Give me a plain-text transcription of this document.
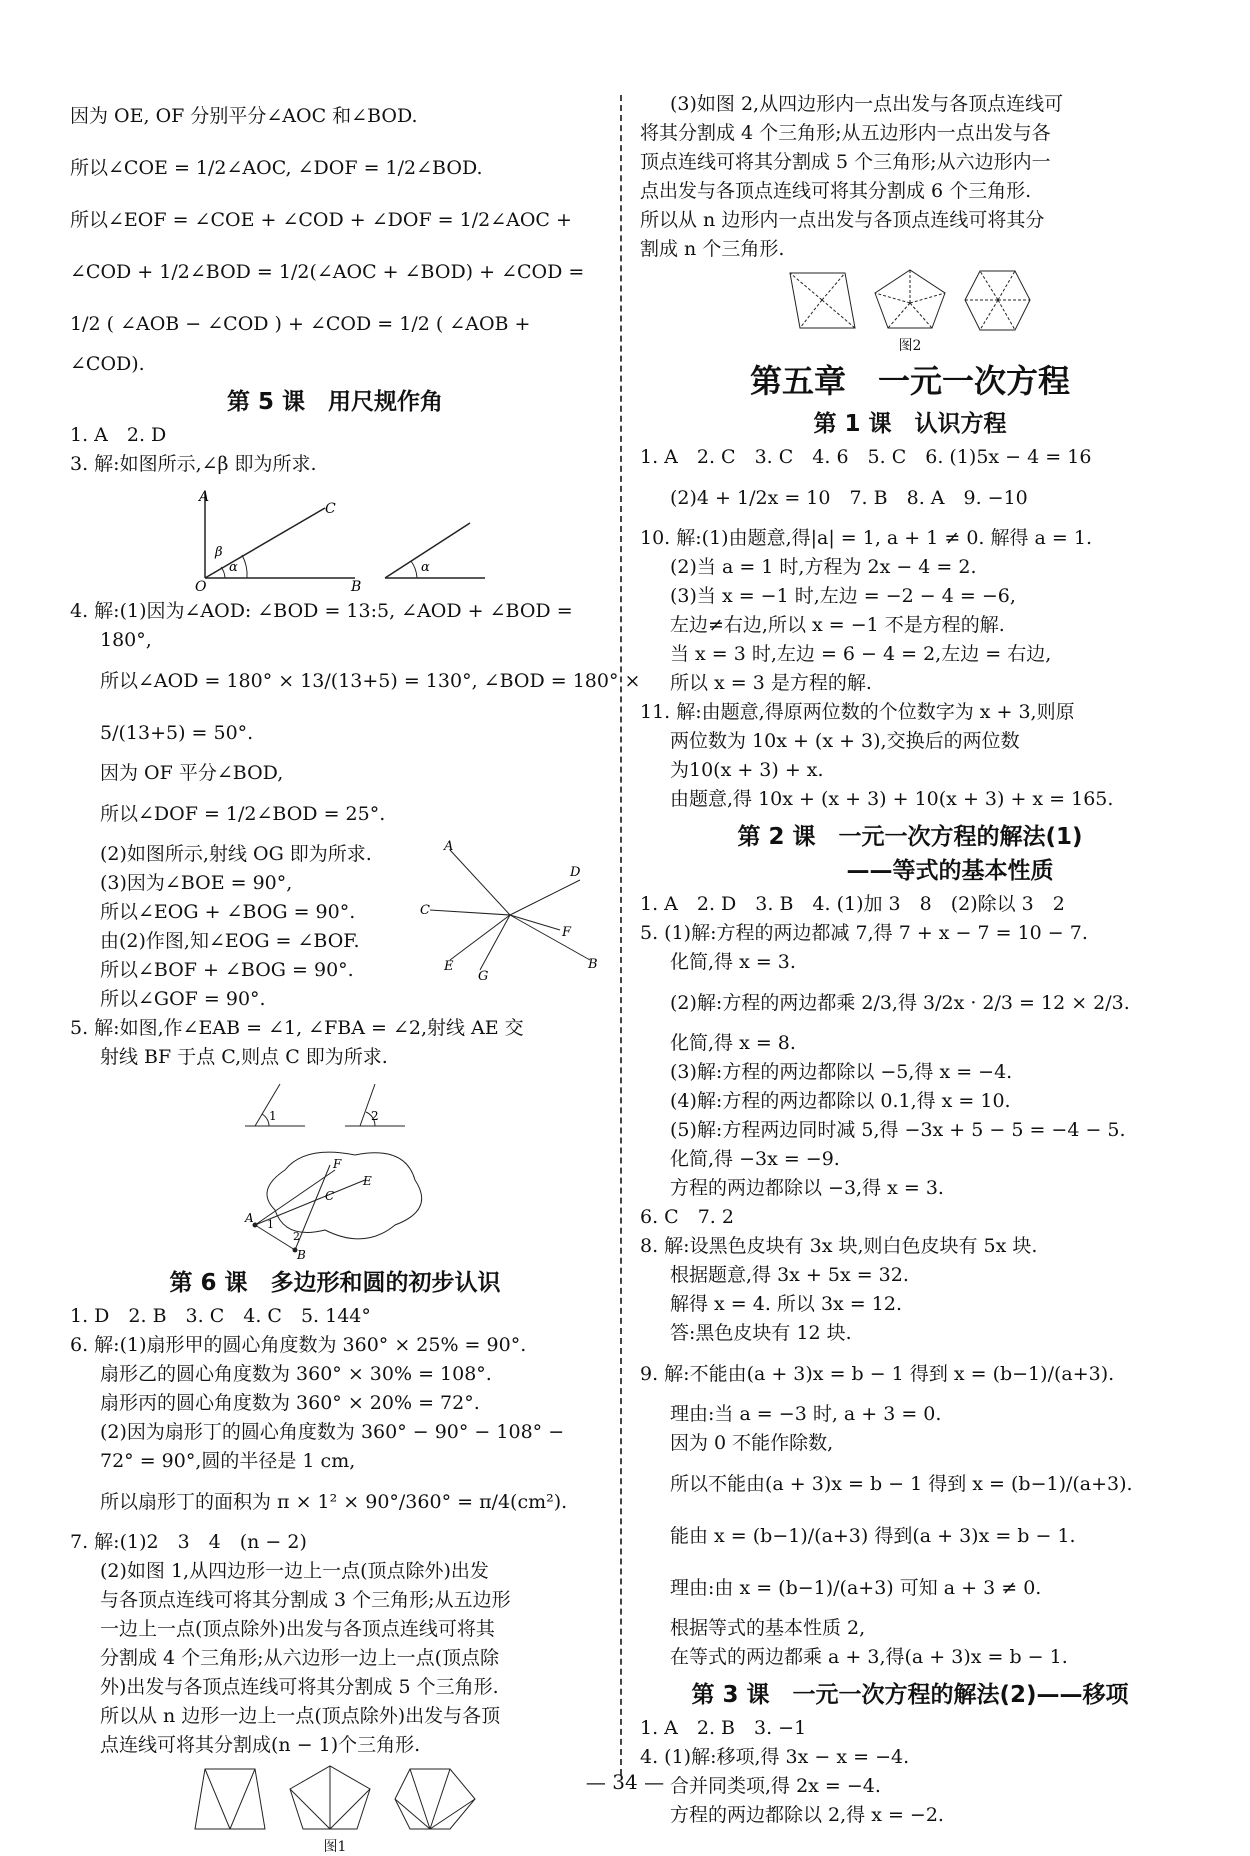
因为 OE, OF 分别平分∠AOC 和∠BOD.

所以∠COE = 1/2∠AOC, ∠DOF = 1/2∠BOD.

所以∠EOF = ∠COE + ∠COD + ∠DOF = 1/2∠AOC +

∠COD + 1/2∠BOD = 1/2(∠AOC + ∠BOD) + ∠COD =

1/2 ( ∠AOB − ∠COD ) + ∠COD = 1/2 ( ∠AOB +

∠COD).

第 5 课　用尺规作角

1. A　2. D

3. 解:如图所示,∠β 即为所求.

A
C
O	B
β
α	α

4. 解:(1)因为∠AOD: ∠BOD = 13:5, ∠AOD + ∠BOD =

180°,

所以∠AOD = 180° × 13/(13+5) = 130°, ∠BOD = 180° ×

5/(13+5) = 50°.

因为 OF 平分∠BOD,

所以∠DOF = 1/2∠BOD = 25°.

(2)如图所示,射线 OG 即为所求.

(3)因为∠BOE = 90°,

所以∠EOG + ∠BOG = 90°.

由(2)作图,知∠EOG = ∠BOF.

所以∠BOF + ∠BOG = 90°.

所以∠GOF = 90°.

A
D
C
E
G
B
F

5. 解:如图,作∠EAB = ∠1, ∠FBA = ∠2,射线 AE 交

射线 BF 于点 C,则点 C 即为所求.

1	2
F
E
C
A
B
1
2
第 6 课　多边形和圆的初步认识

1. D　2. B　3. C　4. C　5. 144°

6. 解:(1)扇形甲的圆心角度数为 360° × 25% = 90°.

扇形乙的圆心角度数为 360° × 30% = 108°.

扇形丙的圆心角度数为 360° × 20% = 72°.

(2)因为扇形丁的圆心角度数为 360° − 90° − 108° −

72° = 90°,圆的半径是 1 cm,

所以扇形丁的面积为 π × 1² × 90°/360° = π/4(cm²).

7. 解:(1)2　3　4　(n − 2)

(2)如图 1,从四边形一边上一点(顶点除外)出发

与各顶点连线可将其分割成 3 个三角形;从五边形

一边上一点(顶点除外)出发与各顶点连线可将其

分割成 4 个三角形;从六边形一边上一点(顶点除

外)出发与各顶点连线可将其分割成 5 个三角形.

所以从 n 边形一边上一点(顶点除外)出发与各顶

点连线可将其分割成(n − 1)个三角形.

图1

(3)如图 2,从四边形内一点出发与各顶点连线可

将其分割成 4 个三角形;从五边形内一点出发与各

顶点连线可将其分割成 5 个三角形;从六边形内一

点出发与各顶点连线可将其分割成 6 个三角形.

所以从 n 边形内一点出发与各顶点连线可将其分

割成 n 个三角形.

图2
第五章　一元一次方程
第 1 课　认识方程

1. A　2. C　3. C　4. 6　5. C　6. (1)5x − 4 = 16

(2)4 + 1/2x = 10　7. B　8. A　9. −10

10. 解:(1)由题意,得|a| = 1, a + 1 ≠ 0. 解得 a = 1.

(2)当 a = 1 时,方程为 2x − 4 = 2.

(3)当 x = −1 时,左边 = −2 − 4 = −6,

左边≠右边,所以 x = −1 不是方程的解.

当 x = 3 时,左边 = 6 − 4 = 2,左边 = 右边,

所以 x = 3 是方程的解.

11. 解:由题意,得原两位数的个位数字为 x + 3,则原

两位数为 10x + (x + 3),交换后的两位数

为10(x + 3) + x.

由题意,得 10x + (x + 3) + 10(x + 3) + x = 165.

第 2 课　一元一次方程的解法(1)
——等式的基本性质

1. A　2. D　3. B　4. (1)加 3　8　(2)除以 3　2

5. (1)解:方程的两边都减 7,得 7 + x − 7 = 10 − 7.

化简,得 x = 3.

(2)解:方程的两边都乘 2/3,得 3/2x · 2/3 = 12 × 2/3.

化简,得 x = 8.

(3)解:方程的两边都除以 −5,得 x = −4.

(4)解:方程的两边都除以 0.1,得 x = 10.

(5)解:方程两边同时减 5,得 −3x + 5 − 5 = −4 − 5.

化简,得 −3x = −9.

方程的两边都除以 −3,得 x = 3.

6. C　7. 2

8. 解:设黑色皮块有 3x 块,则白色皮块有 5x 块.

根据题意,得 3x + 5x = 32.

解得 x = 4. 所以 3x = 12.

答:黑色皮块有 12 块.

9. 解:不能由(a + 3)x = b − 1 得到 x = (b−1)/(a+3).

理由:当 a = −3 时, a + 3 = 0.

因为 0 不能作除数,

所以不能由(a + 3)x = b − 1 得到 x = (b−1)/(a+3).

能由 x = (b−1)/(a+3) 得到(a + 3)x = b − 1.

理由:由 x = (b−1)/(a+3) 可知 a + 3 ≠ 0.

根据等式的基本性质 2,

在等式的两边都乘 a + 3,得(a + 3)x = b − 1.

第 3 课　一元一次方程的解法(2)——移项

1. A　2. B　3. −1

4. (1)解:移项,得 3x − x = −4.

合并同类项,得 2x = −4.

方程的两边都除以 2,得 x = −2.

— 34 —
